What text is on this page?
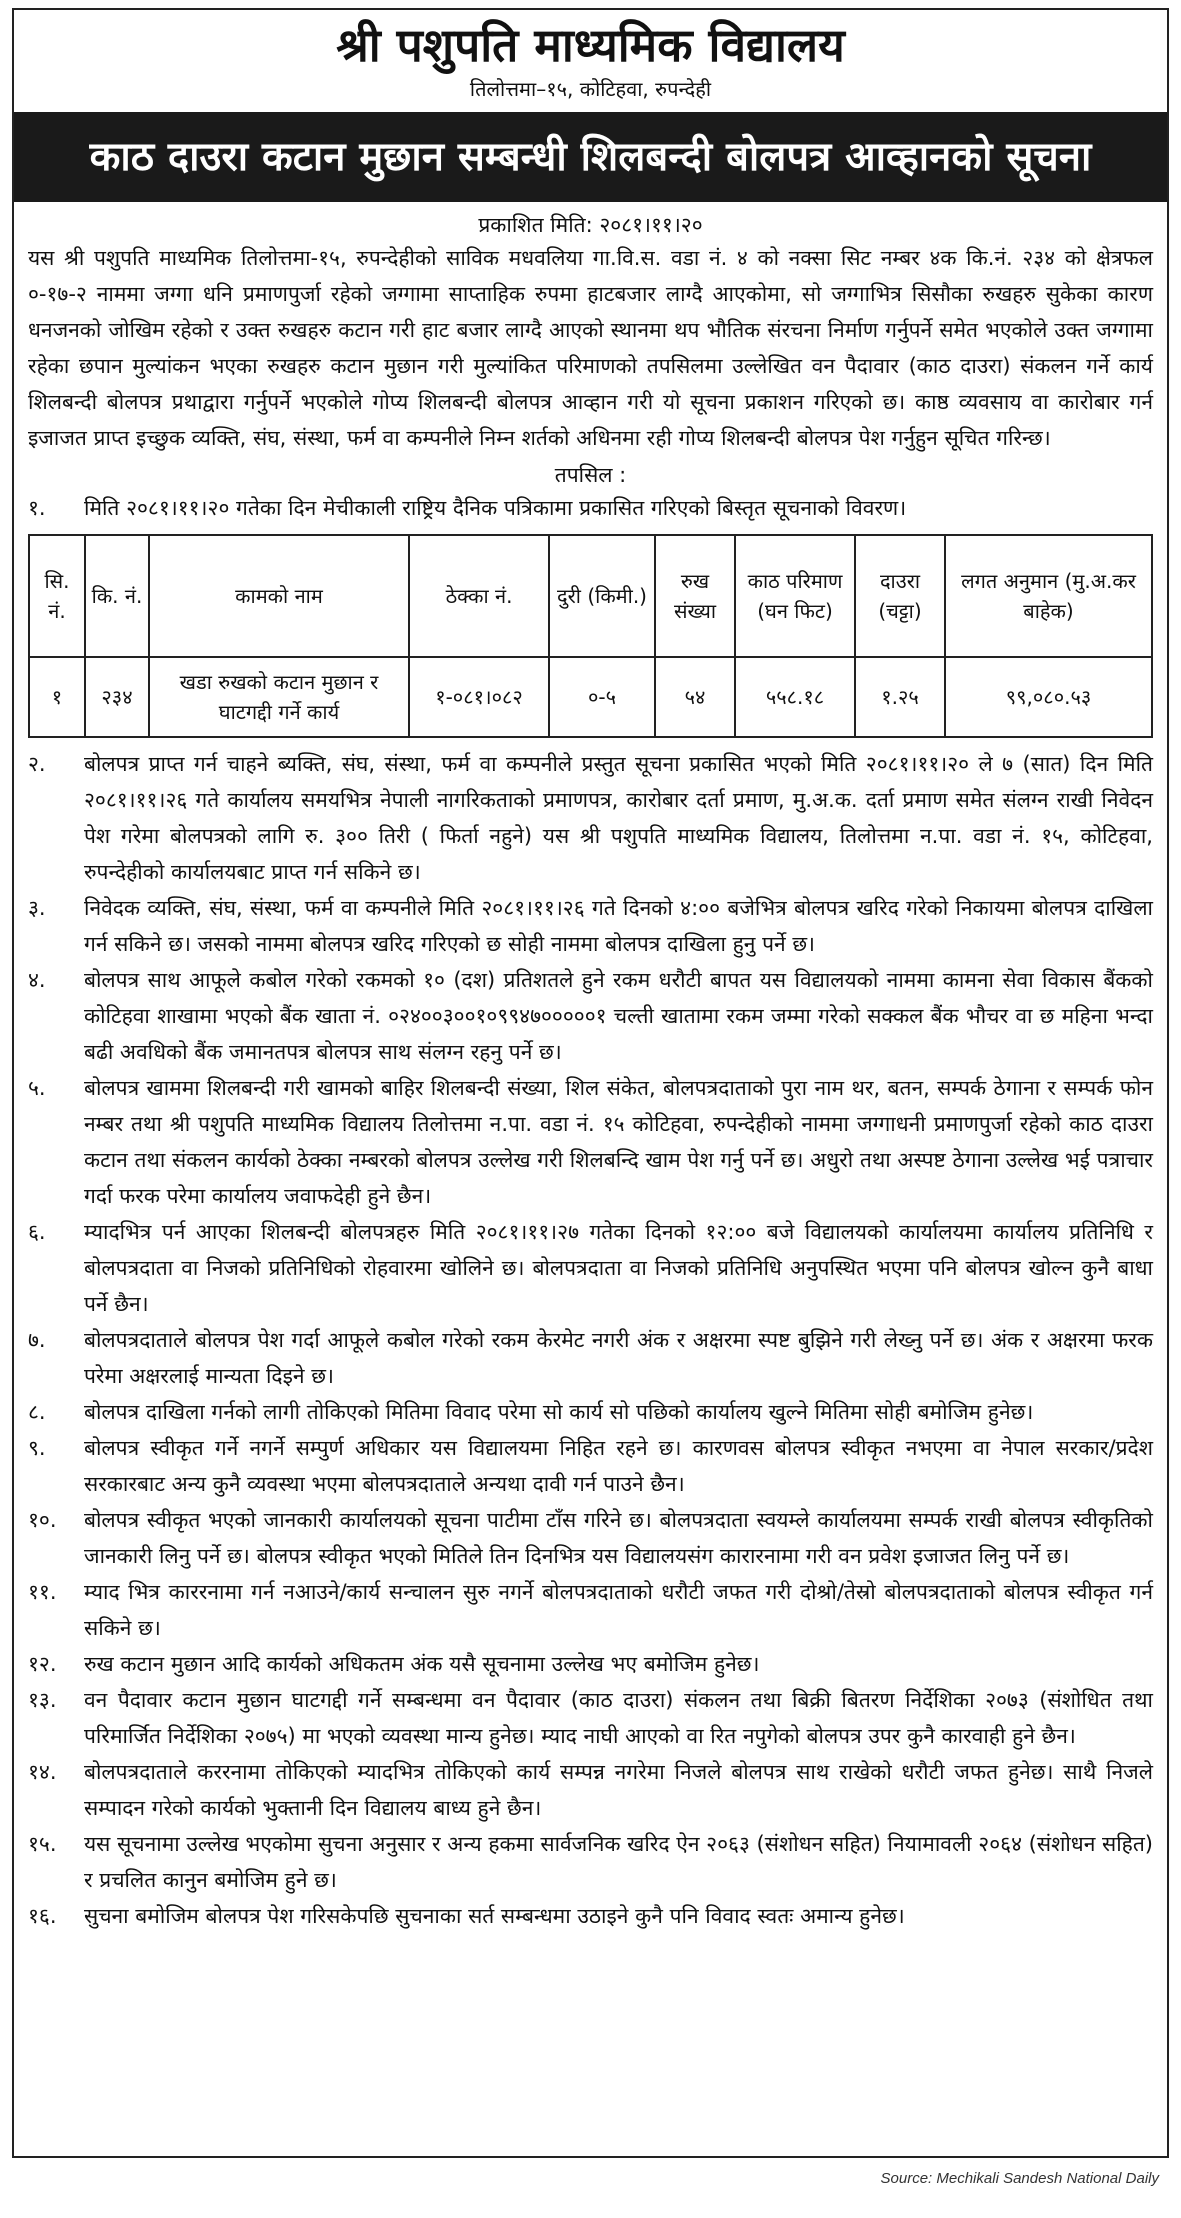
श्री पशुपति माध्यमिक विद्यालय
तिलोत्तमा–१५, कोटिहवा, रुपन्देही
काठ दाउरा कटान मुछान सम्बन्धी शिलबन्दी बोलपत्र आव्हानको सूचना
प्रकाशित मिति: २०८१।११।२०
यस श्री पशुपति माध्यमिक तिलोत्तमा-१५, रुपन्देहीको साविक मधवलिया गा.वि.स. वडा नं. ४ को नक्सा सिट नम्बर ४क कि.नं. २३४ को क्षेत्रफल ०-१७-२ नाममा जग्गा धनि प्रमाणपुर्जा रहेको जग्गामा साप्ताहिक रुपमा हाटबजार लाग्दै आएकोमा, सो जग्गाभित्र सिसौका रुखहरु सुकेका कारण धनजनको जोखिम रहेको र उक्त रुखहरु कटान गरी हाट बजार लाग्दै आएको स्थानमा थप भौतिक संरचना निर्माण गर्नुपर्ने समेत भएकोले उक्त जग्गामा रहेका छपान मुल्यांकन भएका रुखहरु कटान मुछान गरी मुल्यांकित परिमाणको तपसिलमा उल्लेखित वन पैदावार (काठ दाउरा) संकलन गर्ने कार्य शिलबन्दी बोलपत्र प्रथाद्वारा गर्नुपर्ने भएकोले गोप्य शिलबन्दी बोलपत्र आव्हान गरी यो सूचना प्रकाशन गरिएको छ। काष्ठ व्यवसाय वा कारोबार गर्न इजाजत प्राप्त इच्छुक व्यक्ति, संघ, संस्था, फर्म वा कम्पनीले निम्न शर्तको अधिनमा रही गोप्य शिलबन्दी बोलपत्र पेश गर्नुहुन सूचित गरिन्छ।
तपसिल :
१.	मिति २०८१।११।२० गतेका दिन मेचीकाली राष्ट्रिय दैनिक पत्रिकामा प्रकासित गरिएको बिस्तृत सूचनाको विवरण।
सि. नं.	कि. नं.	कामको नाम	ठेक्का नं.	दुरी (किमी.)	रुख संख्या	काठ परिमाण (घन फिट)	दाउरा (चट्टा)	लगत अनुमान (मु.अ.कर बाहेक)
१	२३४	खडा रुखको कटान मुछान र घाटगद्दी गर्ने कार्य	१-०८१।०८२	०-५	५४	५५८.१८	१.२५	९९,०८०.५३
२.	बोलपत्र प्राप्त गर्न चाहने ब्यक्ति, संघ, संस्था, फर्म वा कम्पनीले प्रस्तुत सूचना प्रकासित भएको मिति २०८१।११।२० ले ७ (सात) दिन मिति २०८१।११।२६ गते कार्यालय समयभित्र नेपाली नागरिकताको प्रमाणपत्र, कारोबार दर्ता प्रमाण, मु.अ.क. दर्ता प्रमाण समेत संलग्न राखी निवेदन पेश गरेमा बोलपत्रको लागि रु. ३०० तिरी ( फिर्ता नहुने) यस श्री पशुपति माध्यमिक विद्यालय, तिलोत्तमा न.पा. वडा नं. १५, कोटिहवा, रुपन्देहीको कार्यालयबाट प्राप्त गर्न सकिने छ।
३.	निवेदक व्यक्ति, संघ, संस्था, फर्म वा कम्पनीले मिति २०८१।११।२६ गते दिनको ४:०० बजेभित्र बोलपत्र खरिद गरेको निकायमा बोलपत्र दाखिला गर्न सकिने छ। जसको नाममा बोलपत्र खरिद गरिएको छ सोही नाममा बोलपत्र दाखिला हुनु पर्ने छ।
४.	बोलपत्र साथ आफूले कबोल गरेको रकमको १० (दश) प्रतिशतले हुने रकम धरौटी बापत यस विद्यालयको नाममा कामना सेवा विकास बैंकको कोटिहवा शाखामा भएको बैंक खाता नं. ०२४००३००१०९९४७०००००१ चल्ती खातामा रकम जम्मा गरेको सक्कल बैंक भौचर वा छ महिना भन्दा बढी अवधिको बैंक जमानतपत्र बोलपत्र साथ संलग्न रहनु पर्ने छ।
५.	बोलपत्र खाममा शिलबन्दी गरी खामको बाहिर शिलबन्दी संख्या, शिल संकेत, बोलपत्रदाताको पुरा नाम थर, बतन, सम्पर्क ठेगाना र सम्पर्क फोन नम्बर तथा श्री पशुपति माध्यमिक विद्यालय तिलोत्तमा न.पा. वडा नं. १५ कोटिहवा, रुपन्देहीको नाममा जग्गाधनी प्रमाणपुर्जा रहेको काठ दाउरा कटान तथा संकलन कार्यको ठेक्का नम्बरको बोलपत्र उल्लेख गरी शिलबन्दि खाम पेश गर्नु पर्ने छ। अधुरो तथा अस्पष्ट ठेगाना उल्लेख भई पत्राचार गर्दा फरक परेमा कार्यालय जवाफदेही हुने छैन।
६.	म्यादभित्र पर्न आएका शिलबन्दी बोलपत्रहरु मिति २०८१।११।२७ गतेका दिनको १२:०० बजे विद्यालयको कार्यालयमा कार्यालय प्रतिनिधि र बोलपत्रदाता वा निजको प्रतिनिधिको रोहवारमा खोलिने छ। बोलपत्रदाता वा निजको प्रतिनिधि अनुपस्थित भएमा पनि बोलपत्र खोल्न कुनै बाधा पर्ने छैन।
७.	बोलपत्रदाताले बोलपत्र पेश गर्दा आफूले कबोल गरेको रकम केरमेट नगरी अंक र अक्षरमा स्पष्ट बुझिने गरी लेख्नु पर्ने छ। अंक र अक्षरमा फरक परेमा अक्षरलाई मान्यता दिइने छ।
८.	बोलपत्र दाखिला गर्नको लागी तोकिएको मितिमा विवाद परेमा सो कार्य सो पछिको कार्यालय खुल्ने मितिमा सोही बमोजिम हुनेछ।
९.	बोलपत्र स्वीकृत गर्ने नगर्ने सम्पुर्ण अधिकार यस विद्यालयमा निहित रहने छ। कारणवस बोलपत्र स्वीकृत नभएमा वा नेपाल सरकार/प्रदेश सरकारबाट अन्य कुनै व्यवस्था भएमा बोलपत्रदाताले अन्यथा दावी गर्न पाउने छैन।
१०.	बोलपत्र स्वीकृत भएको जानकारी कार्यालयको सूचना पाटीमा टाँस गरिने छ। बोलपत्रदाता स्वयम्ले कार्यालयमा सम्पर्क राखी बोलपत्र स्वीकृतिको जानकारी लिनु पर्ने छ। बोलपत्र स्वीकृत भएको मितिले तिन दिनभित्र यस विद्यालयसंग कारारनामा गरी वन प्रवेश इजाजत लिनु पर्ने छ।
११.	म्याद भित्र काररनामा गर्न नआउने/कार्य सन्चालन सुरु नगर्ने बोलपत्रदाताको धरौटी जफत गरी दोश्रो/तेस्रो बोलपत्रदाताको बोलपत्र स्वीकृत गर्न सकिने छ।
१२.	रुख कटान मुछान आदि कार्यको अधिकतम अंक यसै सूचनामा उल्लेख भए बमोजिम हुनेछ।
१३.	वन पैदावार कटान मुछान घाटगद्दी गर्ने सम्बन्धमा वन पैदावार (काठ दाउरा) संकलन तथा बिक्री बितरण निर्देशिका २०७३ (संशोधित तथा परिमार्जित निर्देशिका २०७५) मा भएको व्यवस्था मान्य हुनेछ। म्याद नाघी आएको वा रित नपुगेको बोलपत्र उपर कुनै कारवाही हुने छैन।
१४.	बोलपत्रदाताले कररनामा तोकिएको म्यादभित्र तोकिएको कार्य सम्पन्न नगरेमा निजले बोलपत्र साथ राखेको धरौटी जफत हुनेछ। साथै निजले सम्पादन गरेको कार्यको भुक्तानी दिन विद्यालय बाध्य हुने छैन।
१५.	यस सूचनामा उल्लेख भएकोमा सुचना अनुसार र अन्य हकमा सार्वजनिक खरिद ऐन २०६३ (संशोधन सहित) नियामावली २०६४ (संशोधन सहित) र प्रचलित कानुन बमोजिम हुने छ।
१६.	सुचना बमोजिम बोलपत्र पेश गरिसकेपछि सुचनाका सर्त सम्बन्धमा उठाइने कुनै पनि विवाद स्वतः अमान्य हुनेछ।
Source: Mechikali Sandesh National Daily
